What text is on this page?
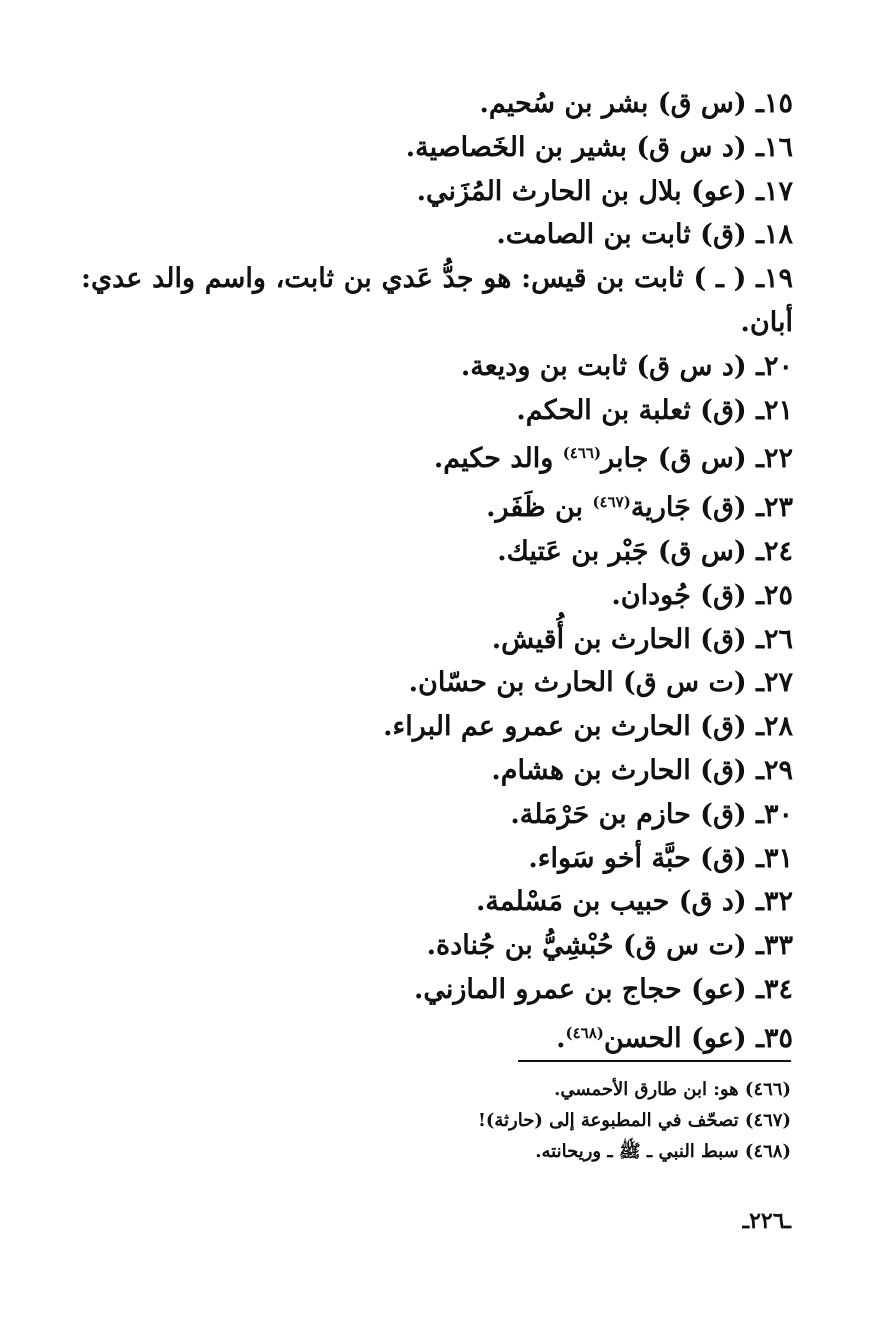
١٥ـ (س ق) بشر بن سُحيم.
١٦ـ (د س ق) بشير بن الخَصاصية.
١٧ـ (عو) بلال بن الحارث المُزَني.
١٨ـ (ق) ثابت بن الصامت.
١٩ـ ( ـ ) ثابت بن قيس: هو جدُّ عَدي بن ثابت، واسم والد عدي: أبان.
٢٠ـ (د س ق) ثابت بن وديعة.
٢١ـ (ق) ثعلبة بن الحكم.
٢٢ـ (س ق) جابر$^{(٤٦٦)}$ والد حكيم.
٢٣ـ (ق) جَارية$^{(٤٦٧)}$ بن ظَفَر.
٢٤ـ (س ق) جَبْر بن عَتيك.
٢٥ـ (ق) جُودان.
٢٦ـ (ق) الحارث بن أُقيش.
٢٧ـ (ت س ق) الحارث بن حسّان.
٢٨ـ (ق) الحارث بن عمرو عم البراء.
٢٩ـ (ق) الحارث بن هشام.
٣٠ـ (ق) حازم بن حَرْمَلة.
٣١ـ (ق) حبَّة أخو سَواء.
٣٢ـ (د ق) حبيب بن مَسْلمة.
٣٣ـ (ت س ق) حُبْشِيُّ بن جُنادة.
٣٤ـ (عو) حجاج بن عمرو المازني.
٣٥ـ (عو) الحسن$^{(٤٦٨)}$.
(٤٦٦) هو: ابن طارق الأحمسي.
(٤٦٧) تصحّف في المطبوعة إلى (حارثة)!
(٤٦٨) سبط النبي ـ ﷺ ـ وريحانته.
ـ٢٢٦ـ
